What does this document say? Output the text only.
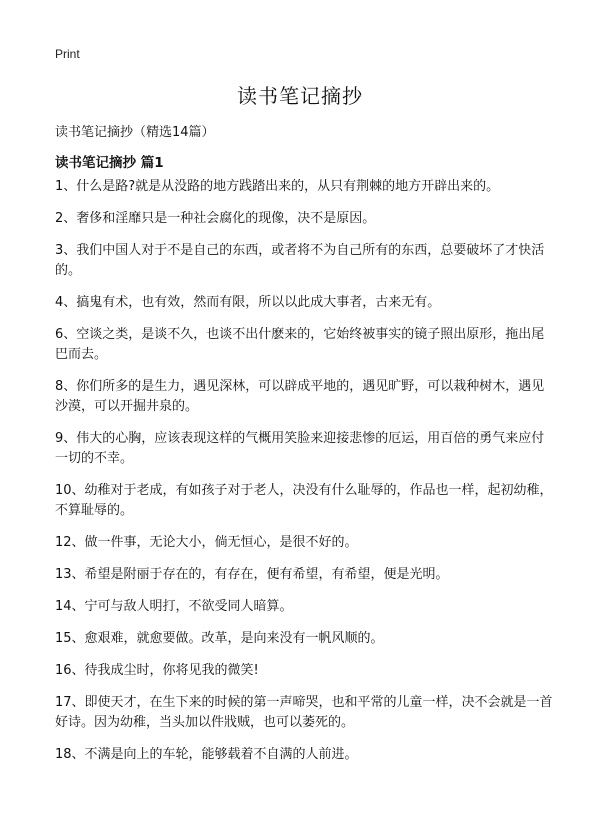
Print
读书笔记摘抄

读书笔记摘抄（精选14篇）

读书笔记摘抄 篇1
1、什么是路?就是从没路的地方践踏出来的，从只有荆棘的地方开辟出来的。
2、奢侈和淫靡只是一种社会腐化的现像，决不是原因。
3、我们中国人对于不是自己的东西，或者将不为自己所有的东西，总要破坏了才快活的。
4、搞鬼有术，也有效，然而有限，所以以此成大事者，古来无有。
6、空谈之类，是谈不久，也谈不出什麽来的，它始终被事实的镜子照出原形，拖出尾巴而去。
8、你们所多的是生力，遇见深林，可以辟成平地的，遇见旷野，可以栽种树木，遇见沙漠，可以开掘井泉的。
9、伟大的心胸，应该表现这样的气概用笑脸来迎接悲惨的厄运，用百倍的勇气来应付一切的不幸。
10、幼稚对于老成，有如孩子对于老人，决没有什么耻辱的，作品也一样，起初幼稚，不算耻辱的。
12、做一件事，无论大小，倘无恒心，是很不好的。
13、希望是附丽于存在的，有存在，便有希望，有希望，便是光明。
14、宁可与敌人明打，不欲受同人暗算。
15、愈艰难，就愈要做。改革，是向来没有一帆风顺的。
16、待我成尘时，你将见我的微笑!
17、即使天才，在生下来的时候的第一声啼哭，也和平常的儿童一样，决不会就是一首好诗。因为幼稚，当头加以件戕贼，也可以萎死的。
18、不满是向上的车轮，能够载着不自满的人前进。
